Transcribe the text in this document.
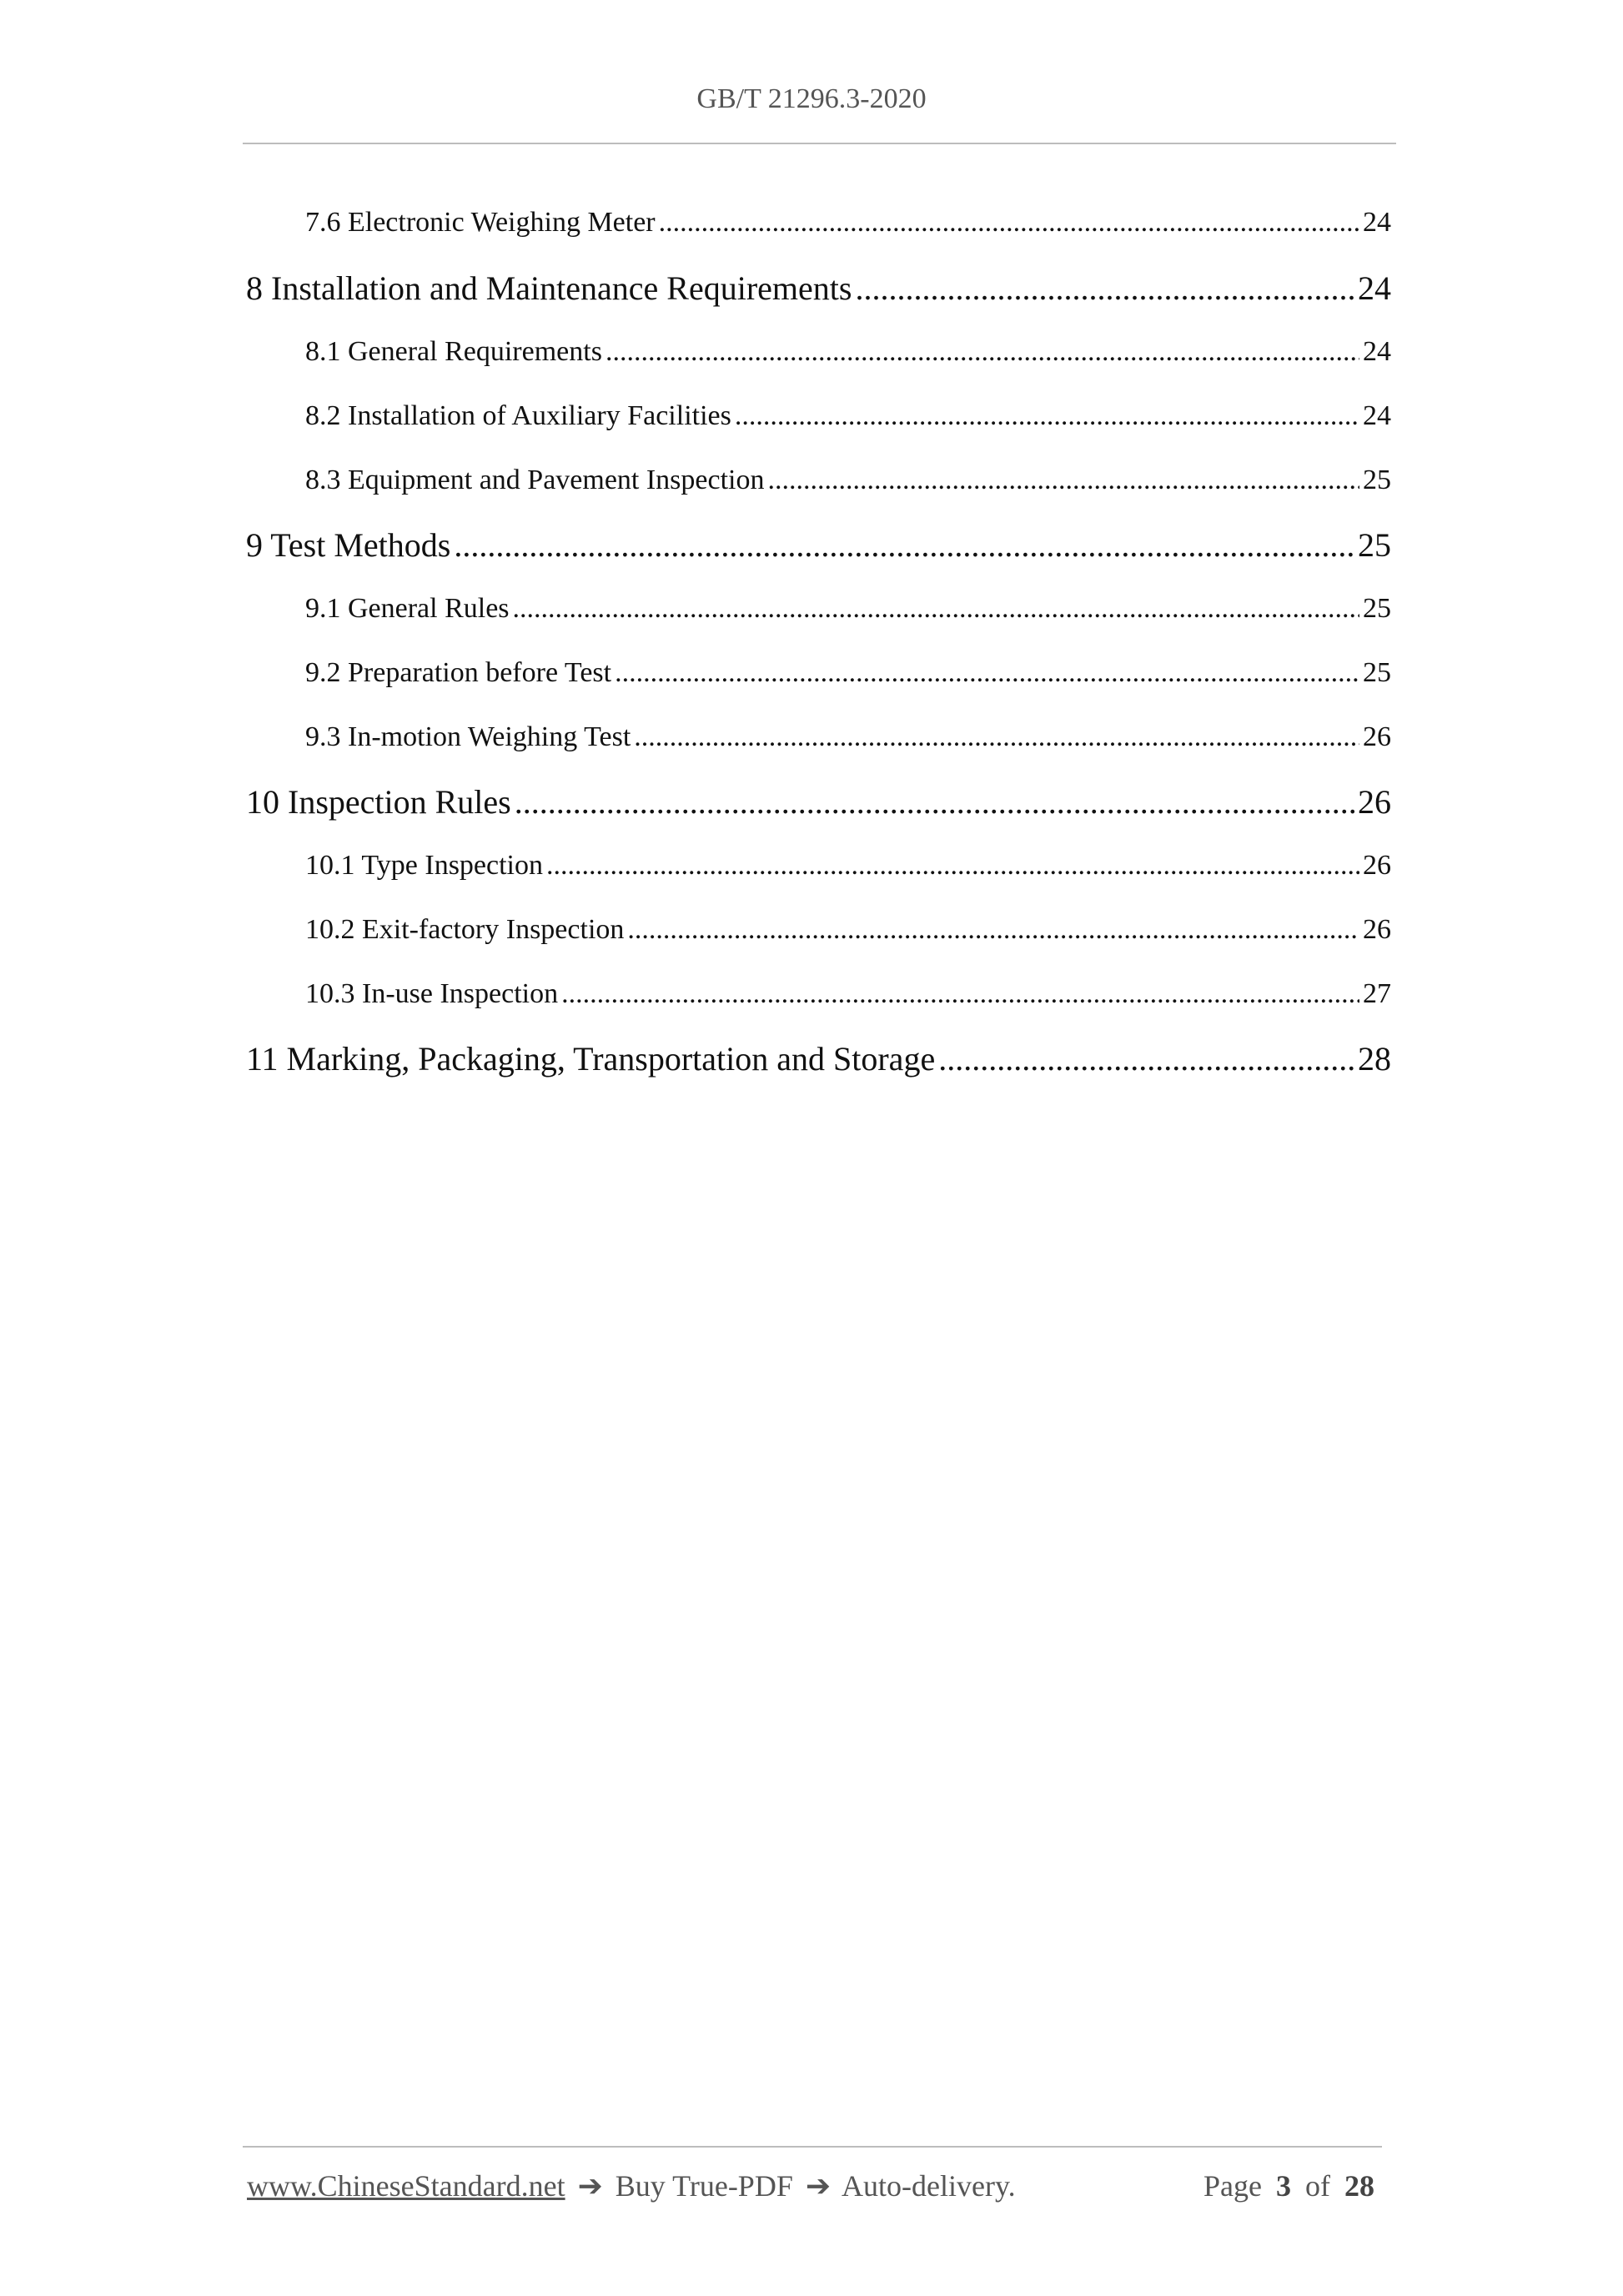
GB/T 21296.3-2020
7.6 Electronic Weighing Meter .....	24
8 Installation and Maintenance Requirements .....	24
8.1 General Requirements .....	24
8.2 Installation of Auxiliary Facilities .....	24
8.3 Equipment and Pavement Inspection .....	25
9 Test Methods .....	25
9.1 General Rules .....	25
9.2 Preparation before Test .....	25
9.3 In-motion Weighing Test .....	26
10 Inspection Rules .....	26
10.1 Type Inspection .....	26
10.2 Exit-factory Inspection .....	26
10.3 In-use Inspection .....	27
11 Marking, Packaging, Transportation and Storage .....	28
www.ChineseStandard.net ➔ Buy True-PDF ➔ Auto-delivery.	Page 3 of 28
